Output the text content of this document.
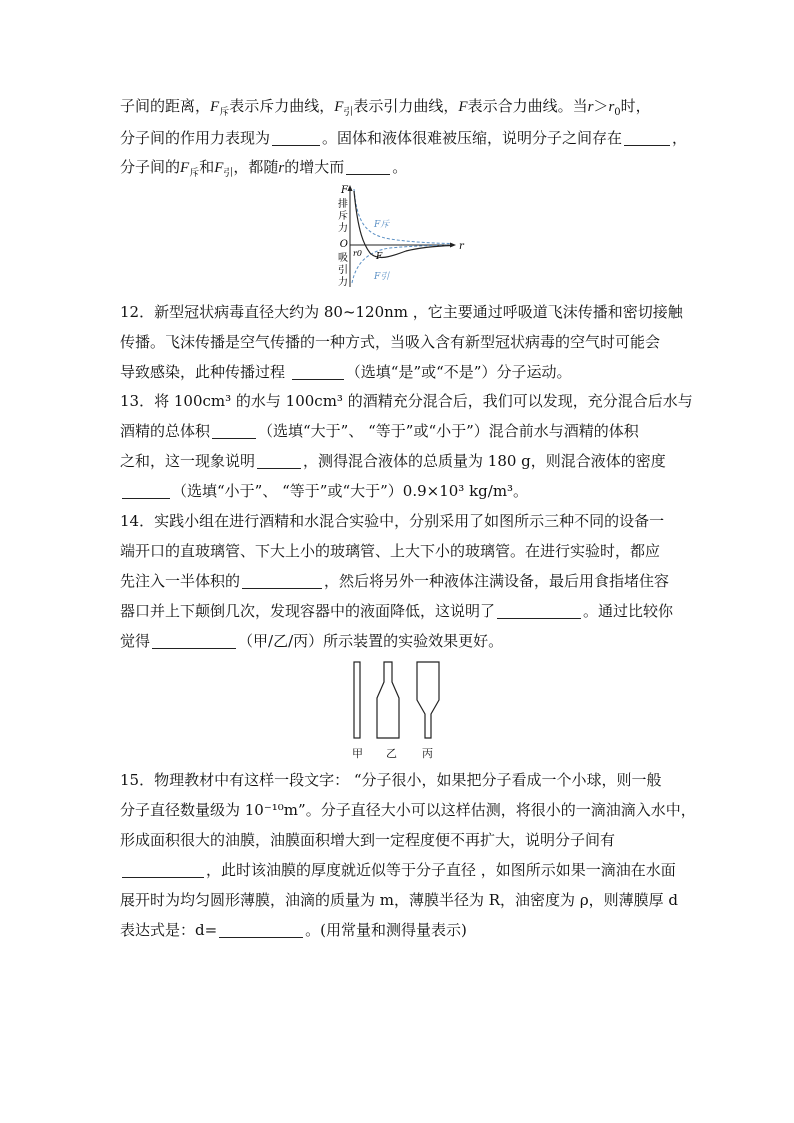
子间的距离，$F_斥$表示斥力曲线，$F_引$表示引力曲线，F表示合力曲线。当$r>r_0$时，
分子间的作用力表现为	。固体和液体很难被压缩，说明分子之间存在	，
分子间的$F_斥$和$F_引$，都随r的增大而	。
F
排
斥
力
O
吸
引
力
r
F斥
F引
F
r0
12．新型冠状病毒直径大约为 80~120nm ，它主要通过呼吸道飞沫传播和密切接触
传播。飞沫传播是空气传播的一种方式，当吸入含有新型冠状病毒的空气时可能会
导致感染，此种传播过程	（选填“是”或“不是”）分子运动。
13．将 100cm³ 的水与 100cm³ 的酒精充分混合后，我们可以发现，充分混合后水与
酒精的总体积	（选填“大于”、 “等于”或“小于”）混合前水与酒精的体积
之和，这一现象说明	，测得混合液体的总质量为 180 g，则混合液体的密度
（选填“小于”、 “等于”或“大于”）0.9×10³ kg/m³。
14．实践小组在进行酒精和水混合实验中，分别采用了如图所示三种不同的设备一
端开口的直玻璃管、下大上小的玻璃管、上大下小的玻璃管。在进行实验时，都应
先注入一半体积的	，然后将另外一种液体注满设备，最后用食指堵住容
器口并上下颠倒几次，发现容器中的液面降低，这说明了	。通过比较你
觉得	（甲/乙/丙）所示装置的实验效果更好。
甲 乙 丙
15．物理教材中有这样一段文字： “分子很小，如果把分子看成一个小球，则一般
分子直径数量级为 10⁻¹⁰m”。分子直径大小可以这样估测，将很小的一滴油滴入水中，
形成面积很大的油膜，油膜面积增大到一定程度便不再扩大，说明分子间有
，此时该油膜的厚度就近似等于分子直径 ，如图所示如果一滴油在水面
展开时为均匀圆形薄膜，油滴的质量为 m，薄膜半径为 R，油密度为 ρ，则薄膜厚 d
表达式是：d=	。(用常量和测得量表示)
